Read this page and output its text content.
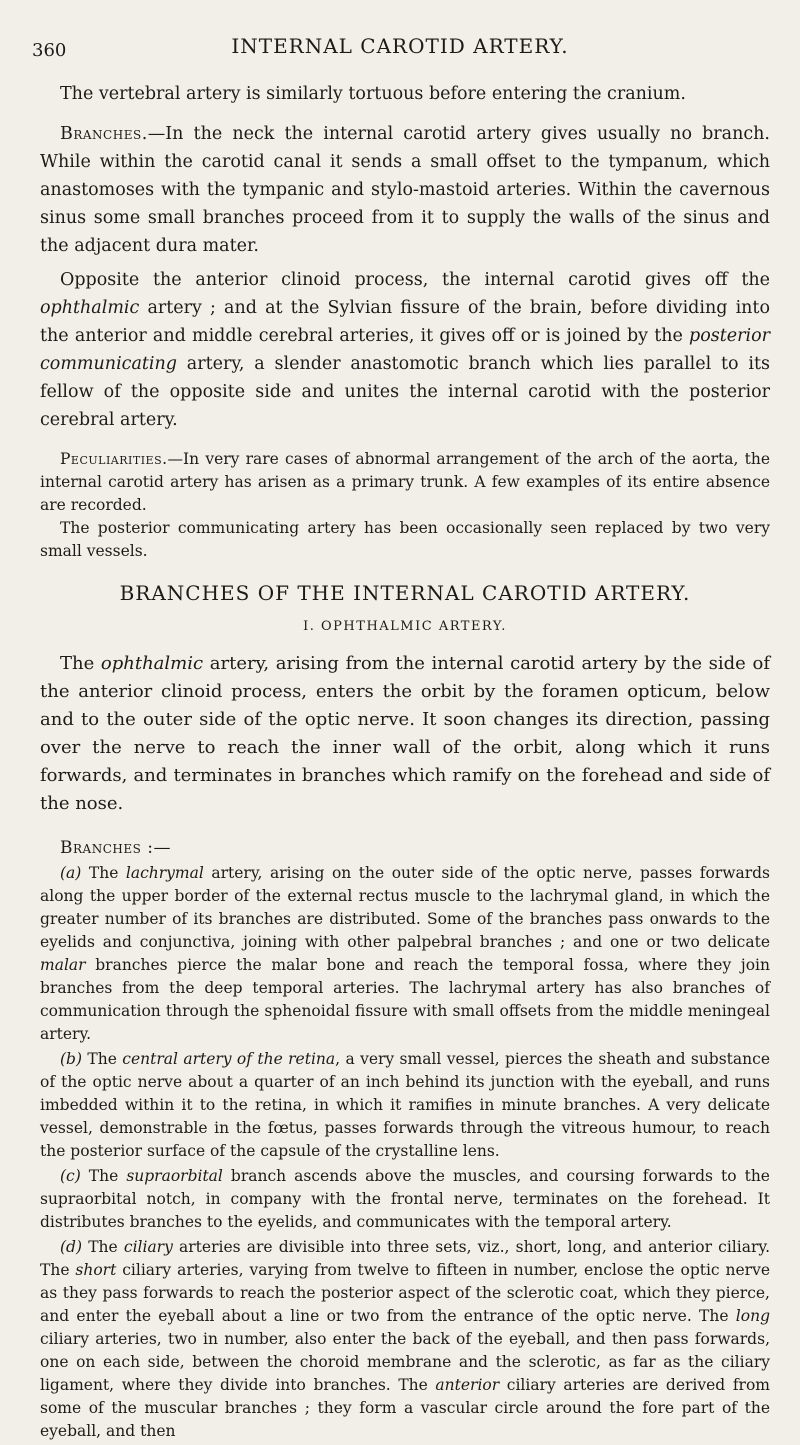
360	INTERNAL CAROTID ARTERY.

The vertebral artery is similarly tortuous before entering the cranium.

Branches.—In the neck the internal carotid artery gives usually no branch. While within the carotid canal it sends a small offset to the tympanum, which anastomoses with the tympanic and stylo-mastoid arteries. Within the cavernous sinus some small branches proceed from it to supply the walls of the sinus and the adjacent dura mater.

Opposite the anterior clinoid process, the internal carotid gives off the ophthalmic artery ; and at the Sylvian fissure of the brain, before dividing into the anterior and middle cerebral arteries, it gives off or is joined by the posterior communicating artery, a slender anastomotic branch which lies parallel to its fellow of the opposite side and unites the internal carotid with the posterior cerebral artery.

Peculiarities.—In very rare cases of abnormal arrangement of the arch of the aorta, the internal carotid artery has arisen as a primary trunk. A few examples of its entire absence are recorded.

The posterior communicating artery has been occasionally seen replaced by two very small vessels.

BRANCHES OF THE INTERNAL CAROTID ARTERY.
I. OPHTHALMIC ARTERY.

The ophthalmic artery, arising from the internal carotid artery by the side of the anterior clinoid process, enters the orbit by the foramen opticum, below and to the outer side of the optic nerve. It soon changes its direction, passing over the nerve to reach the inner wall of the orbit, along which it runs forwards, and terminates in branches which ramify on the forehead and side of the nose.

Branches :—

(a) The lachrymal artery, arising on the outer side of the optic nerve, passes forwards along the upper border of the external rectus muscle to the lachrymal gland, in which the greater number of its branches are distributed. Some of the branches pass onwards to the eyelids and conjunctiva, joining with other palpebral branches ; and one or two delicate malar branches pierce the malar bone and reach the temporal fossa, where they join branches from the deep temporal arteries. The lachrymal artery has also branches of communication through the sphenoidal fissure with small offsets from the middle meningeal artery.

(b) The central artery of the retina, a very small vessel, pierces the sheath and substance of the optic nerve about a quarter of an inch behind its junction with the eyeball, and runs imbedded within it to the retina, in which it ramifies in minute branches. A very delicate vessel, demonstrable in the fœtus, passes forwards through the vitreous humour, to reach the posterior surface of the capsule of the crystalline lens.

(c) The supraorbital branch ascends above the muscles, and coursing forwards to the supraorbital notch, in company with the frontal nerve, terminates on the forehead. It distributes branches to the eyelids, and communicates with the temporal artery.

(d) The ciliary arteries are divisible into three sets, viz., short, long, and anterior ciliary. The short ciliary arteries, varying from twelve to fifteen in number, enclose the optic nerve as they pass forwards to reach the posterior aspect of the sclerotic coat, which they pierce, and enter the eyeball about a line or two from the entrance of the optic nerve. The long ciliary arteries, two in number, also enter the back of the eyeball, and then pass forwards, one on each side, between the choroid membrane and the sclerotic, as far as the ciliary ligament, where they divide into branches. The anterior ciliary arteries are derived from some of the muscular branches ; they form a vascular circle around the fore part of the eyeball, and then
